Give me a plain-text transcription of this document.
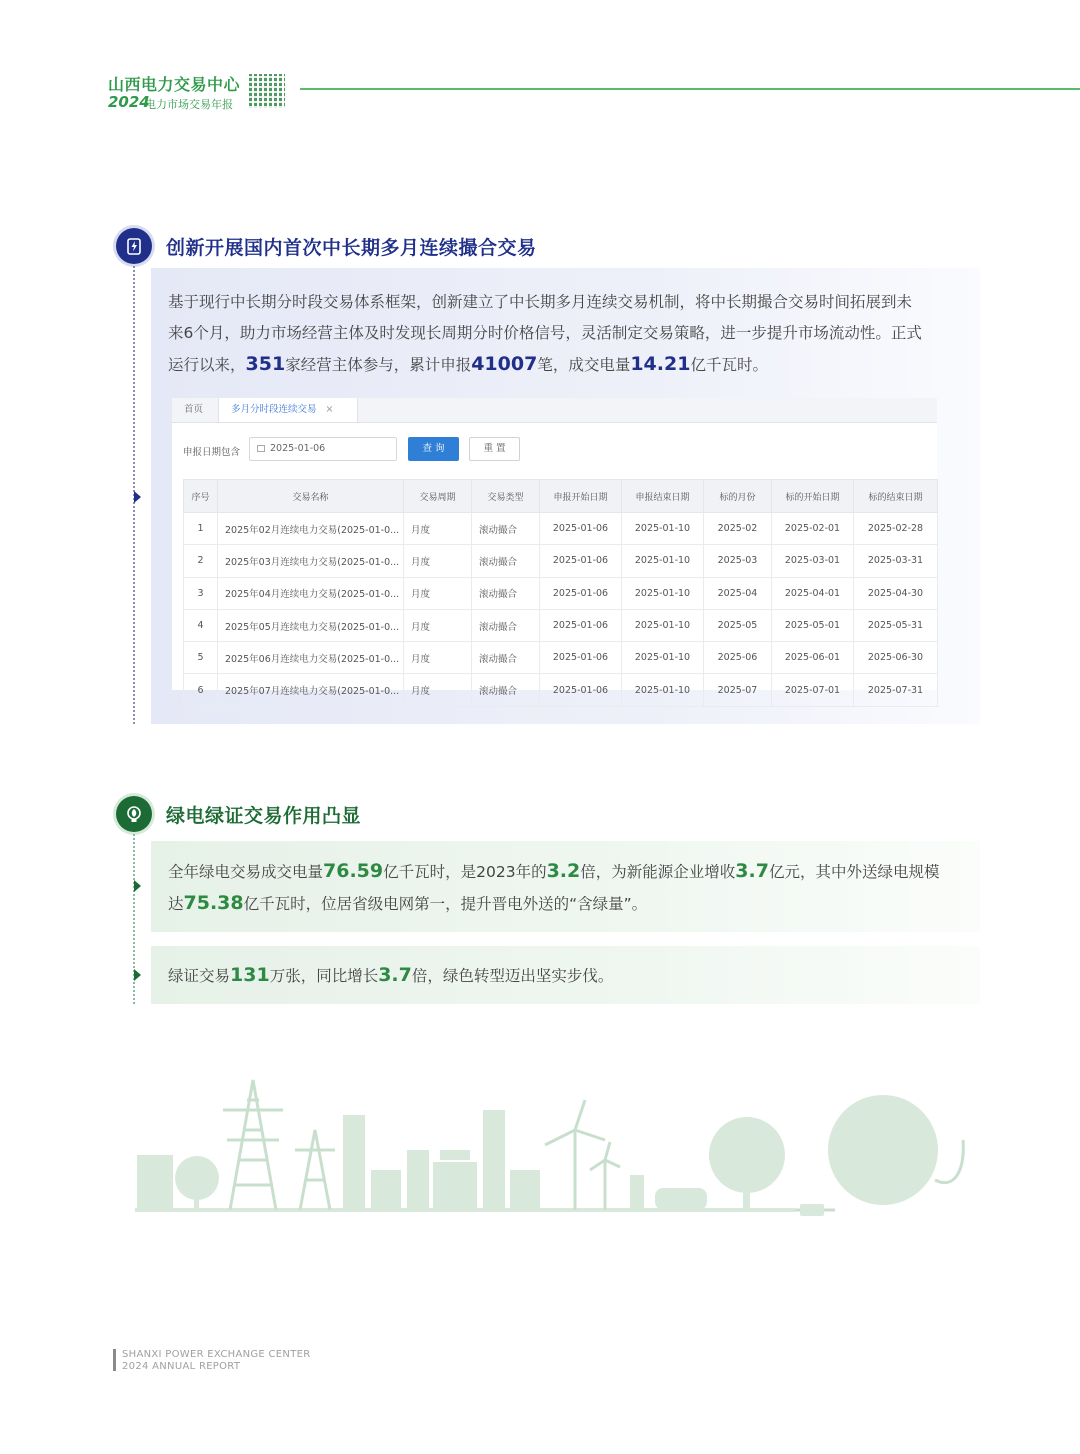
山西电力交易中心
2024
电力市场交易年报
创新开展国内首次中长期多月连续撮合交易
基于现行中长期分时段交易体系框架，创新建立了中长期多月连续交易机制，将中长期撮合交易时间拓展到未
来6个月，助力市场经营主体及时发现长周期分时价格信号，灵活制定交易策略，进一步提升市场流动性。正式
运行以来，351家经营主体参与，累计申报41007笔，成交电量14.21亿千瓦时。
首页	多月分时段连续交易 ×
申报日期包含	2025-01-06	查 询	重 置
序号	交易名称	交易周期	交易类型	申报开始日期	申报结束日期	标的月份	标的开始日期	标的结束日期
1	2025年02月连续电力交易(2025-01-0...	月度	滚动撮合	2025-01-06	2025-01-10	2025-02	2025-02-01	2025-02-28
2	2025年03月连续电力交易(2025-01-0...	月度	滚动撮合	2025-01-06	2025-01-10	2025-03	2025-03-01	2025-03-31
3	2025年04月连续电力交易(2025-01-0...	月度	滚动撮合	2025-01-06	2025-01-10	2025-04	2025-04-01	2025-04-30
4	2025年05月连续电力交易(2025-01-0...	月度	滚动撮合	2025-01-06	2025-01-10	2025-05	2025-05-01	2025-05-31
5	2025年06月连续电力交易(2025-01-0...	月度	滚动撮合	2025-01-06	2025-01-10	2025-06	2025-06-01	2025-06-30
6	2025年07月连续电力交易(2025-01-0...	月度	滚动撮合	2025-01-06	2025-01-10	2025-07	2025-07-01	2025-07-31
绿电绿证交易作用凸显
全年绿电交易成交电量76.59亿千瓦时，是2023年的3.2倍，为新能源企业增收3.7亿元，其中外送绿电规模
达75.38亿千瓦时，位居省级电网第一，提升晋电外送的“含绿量”。
绿证交易131万张，同比增长3.7倍，绿色转型迈出坚实步伐。
SHANXI POWER EXCHANGE CENTER
2024 ANNUAL REPORT
